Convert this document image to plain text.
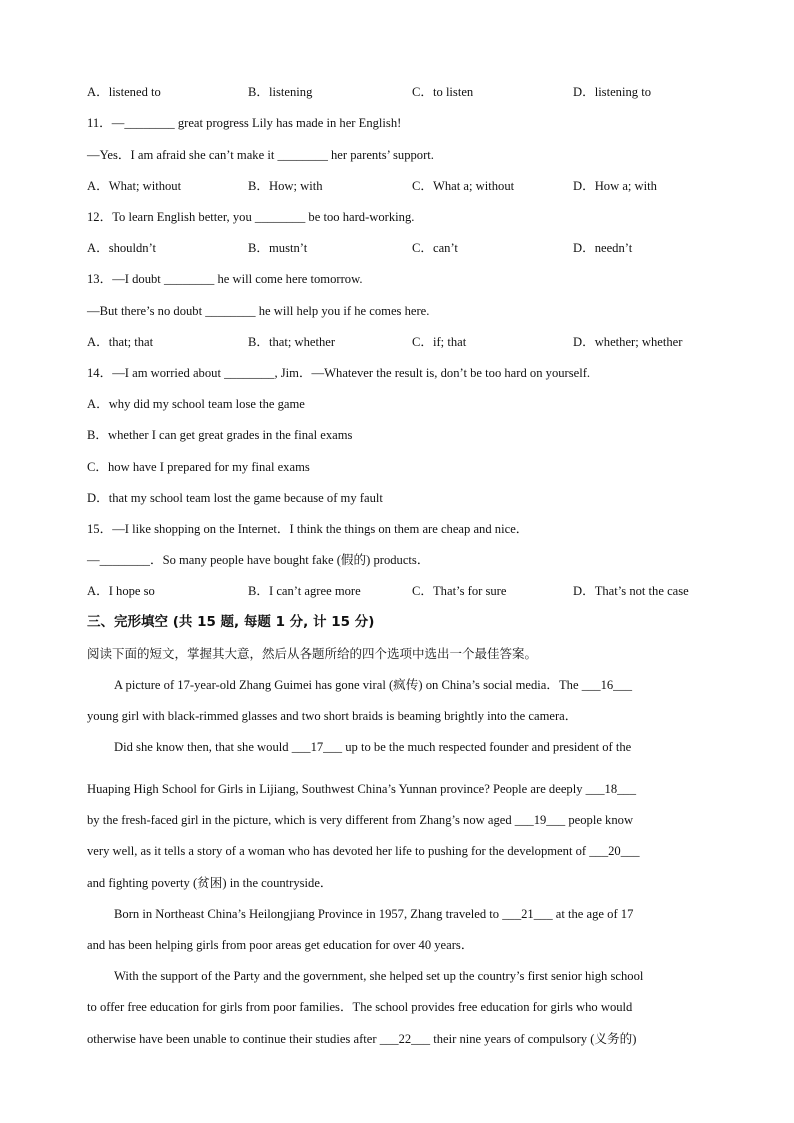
A．listened to	B．listening	C．to listen	D．listening to
11．—________ great progress Lily has made in her English!
—Yes．I am afraid she can’t make it ________ her parents’ support.
A．What; without	B．How; with	C．What a; without	D．How a; with
12．To learn English better, you ________ be too hard-working.
A．shouldn’t	B．mustn’t	C．can’t	D．needn’t
13．—I doubt ________ he will come here tomorrow.
—But there’s no doubt ________ he will help you if he comes here.
A．that; that	B．that; whether	C．if; that	D．whether; whether
14．—I am worried about ________, Jim．—Whatever the result is, don’t be too hard on yourself.
A．why did my school team lose the game
B．whether I can get great grades in the final exams
C．how have I prepared for my final exams
D．that my school team lost the game because of my fault
15．—I like shopping on the Internet．I think the things on them are cheap and nice．
—________．So many people have bought fake (假的) products．
A．I hope so	B．I can’t agree more	C．That’s for sure	D．That’s not the case
三、完形填空 (共 15 题, 每题 1 分, 计 15 分)
阅读下面的短文，掌握其大意，然后从各题所给的四个选项中选出一个最佳答案。
A picture of 17-year-old Zhang Guimei has gone viral (疯传) on China’s social media．The ___16___
young girl with black-rimmed glasses and two short braids is beaming brightly into the camera．
Did she know then, that she would ___17___ up to be the much respected founder and president of the
Huaping High School for Girls in Lijiang, Southwest China’s Yunnan province? People are deeply ___18___
by the fresh-faced girl in the picture, which is very different from Zhang’s now aged ___19___ people know
very well, as it tells a story of a woman who has devoted her life to pushing for the development of ___20___
and fighting poverty (贫困) in the countryside．
Born in Northeast China’s Heilongjiang Province in 1957, Zhang traveled to ___21___ at the age of 17
and has been helping girls from poor areas get education for over 40 years．
With the support of the Party and the government, she helped set up the country’s first senior high school
to offer free education for girls from poor families．The school provides free education for girls who would
otherwise have been unable to continue their studies after ___22___ their nine years of compulsory (义务的)
